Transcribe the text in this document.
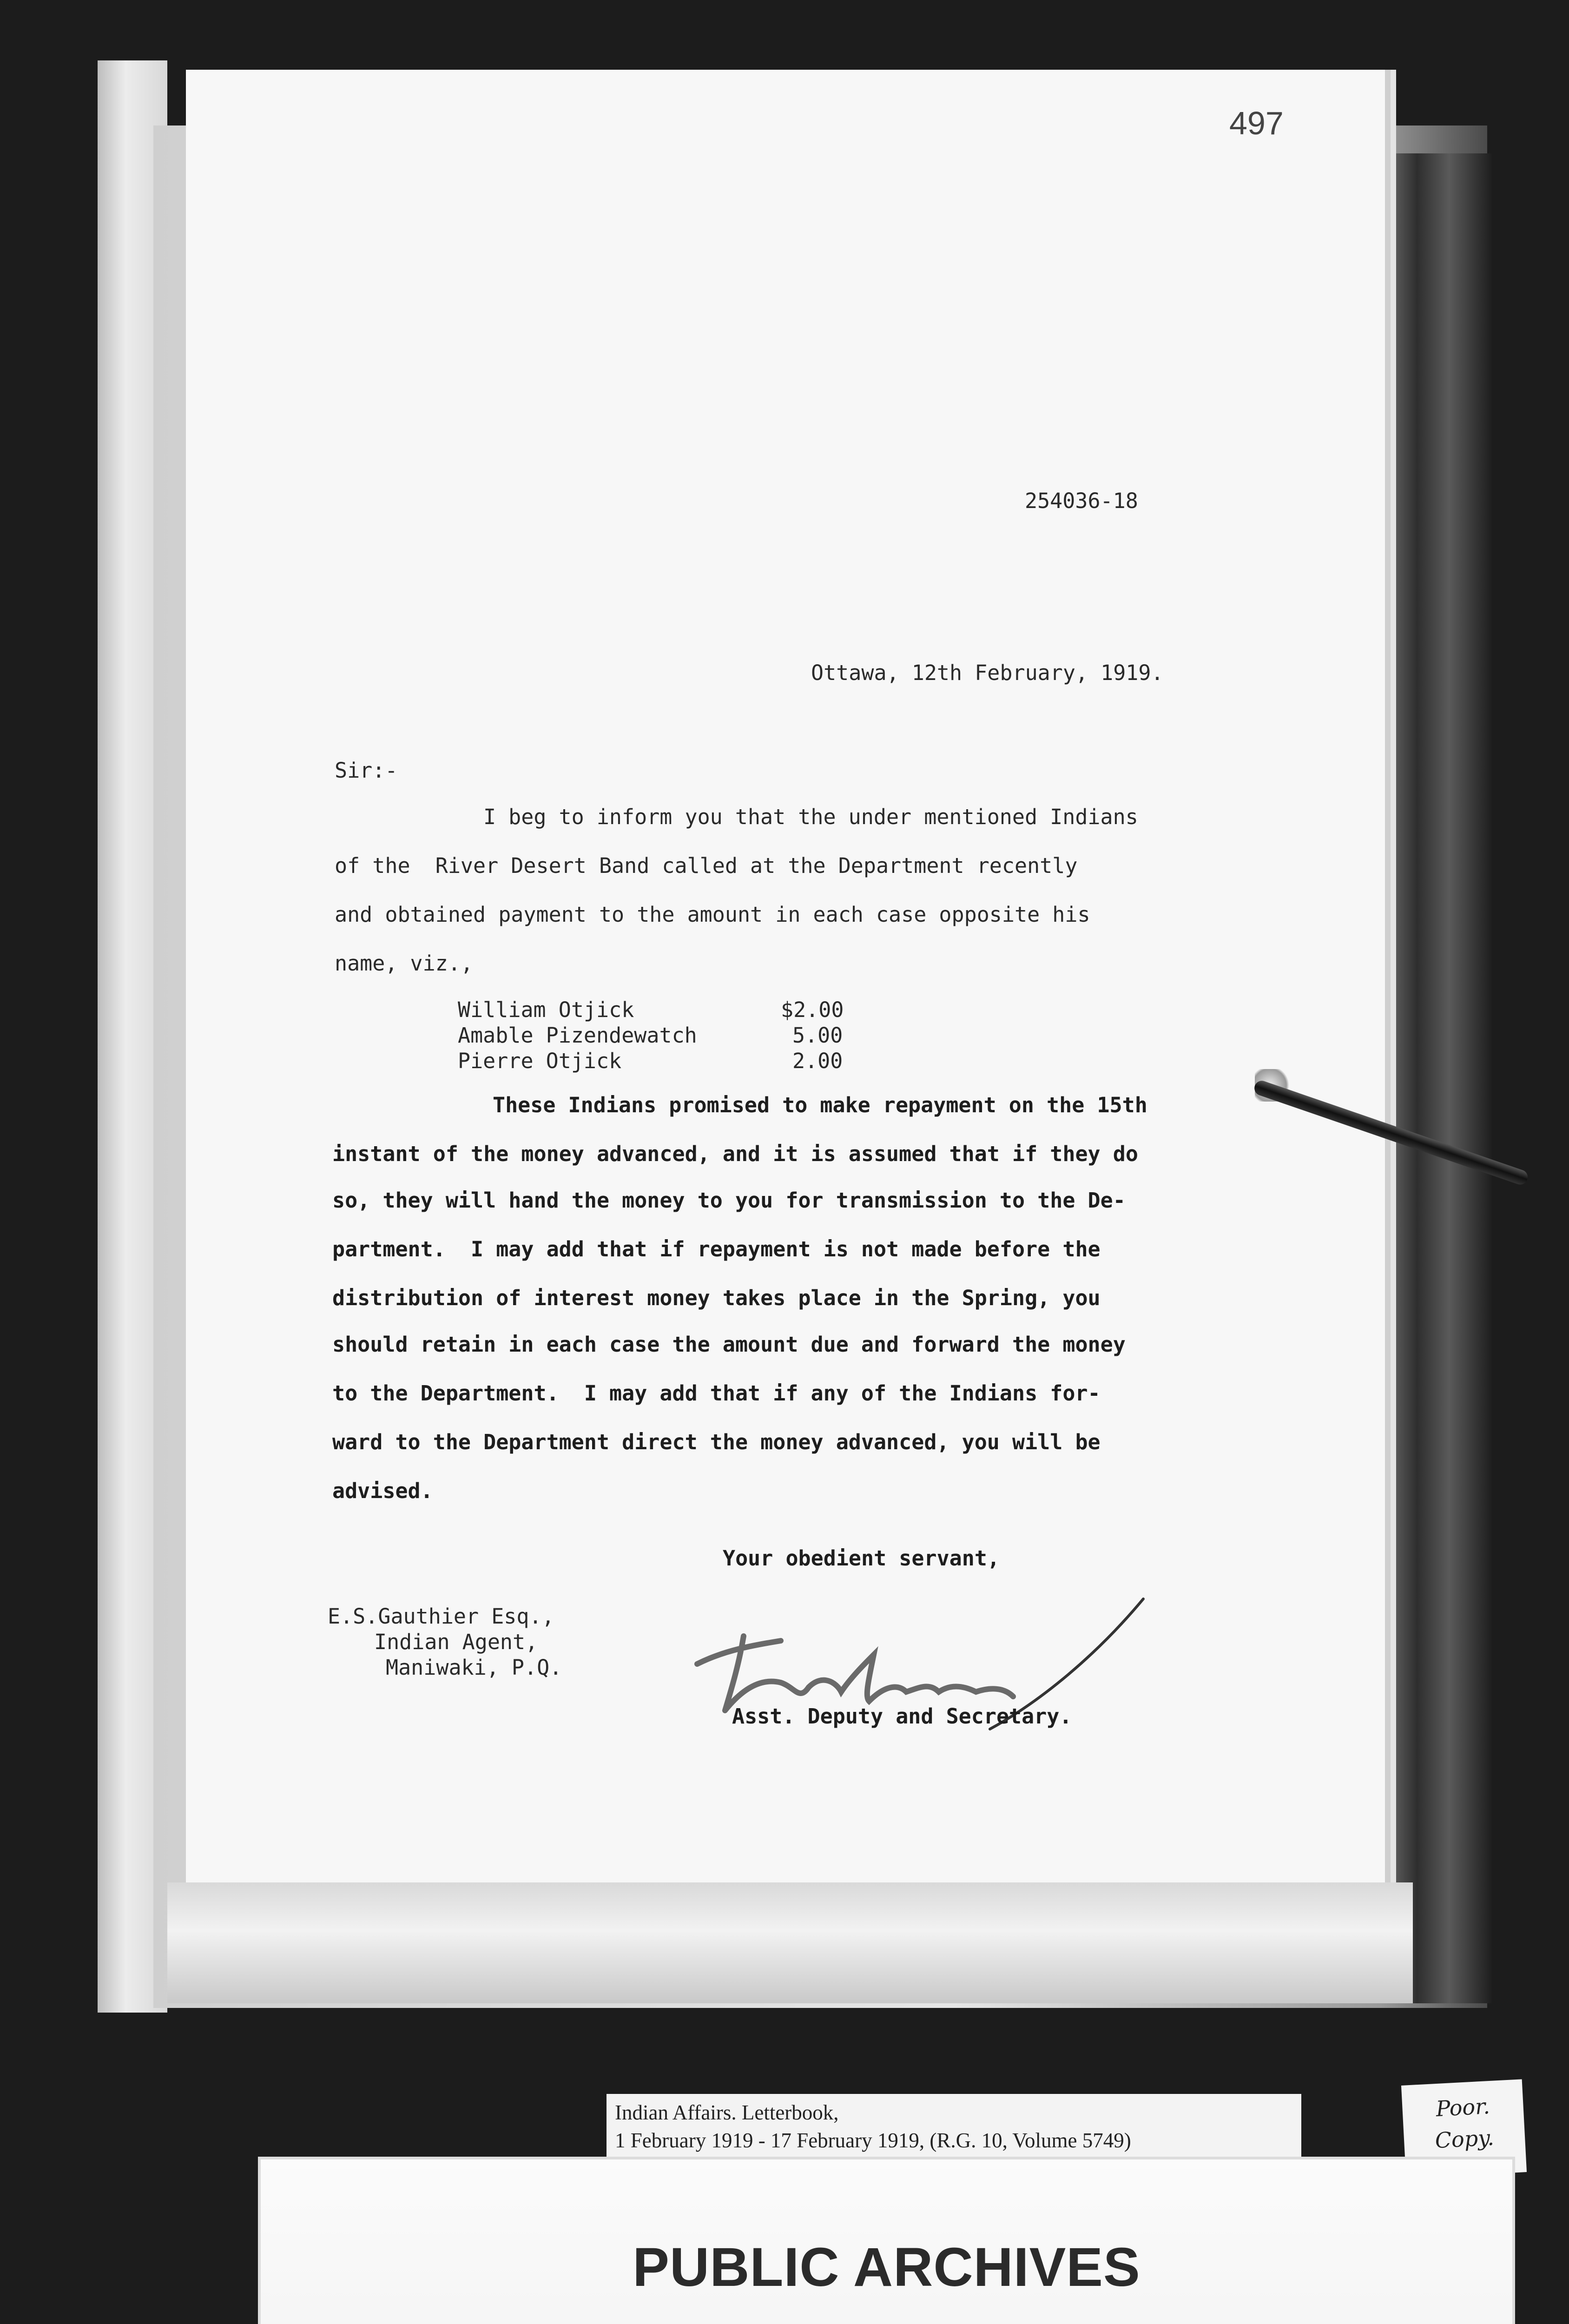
497
254036-18
Ottawa, 12th February, 1919.
Sir:-
I beg to inform you that the under mentioned Indians
of the  River Desert Band called at the Department recently
and obtained payment to the amount in each case opposite his
name, viz.,
William Otjick	$2.00
Amable Pizendewatch	5.00
Pierre Otjick	2.00
These Indians promised to make repayment on the 15th
instant of the money advanced, and it is assumed that if they do
so, they will hand the money to you for transmission to the De-
partment.  I may add that if repayment is not made before the
distribution of interest money takes place in the Spring, you
should retain in each case the amount due and forward the money
to the Department.  I may add that if any of the Indians for-
ward to the Department direct the money advanced, you will be
advised.
Your obedient servant,
E.S.Gauthier Esq.,
Indian Agent,
Maniwaki, P.Q.
Asst. Deputy and Secretary.
Indian Affairs. Letterbook,
1 February 1919 - 17 February 1919, (R.G. 10, Volume 5749)
Poor.
Copy.
PUBLIC ARCHIVES
